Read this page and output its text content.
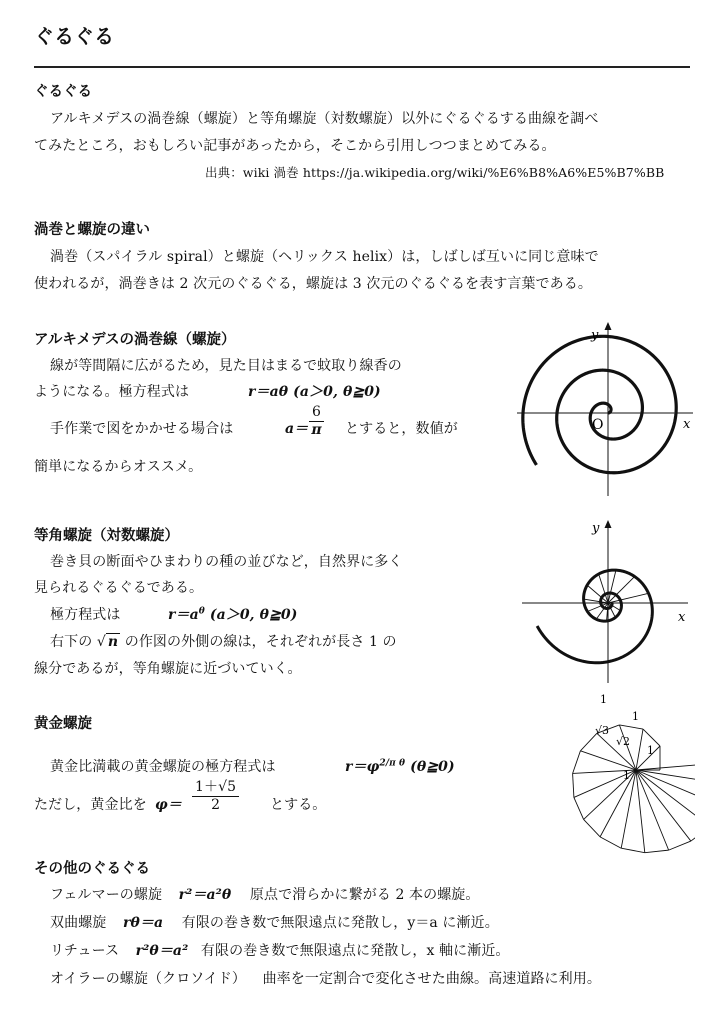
ぐるぐる
ぐるぐる
アルキメデスの渦巻線（螺旋）と等角螺旋（対数螺旋）以外にぐるぐるする曲線を調べ
てみたところ，おもしろい記事があったから，そこから引用しつつまとめてみる。
出典：wiki 渦巻 https://ja.wikipedia.org/wiki/%E6%B8%A6%E5%B7%BB
渦巻と螺旋の違い
渦巻（スパイラル spiral）と螺旋（ヘリックス helix）は，しばしば互いに同じ意味で
使われるが，渦巻きは 2 次元のぐるぐる，螺旋は 3 次元のぐるぐるを表す言葉である。
アルキメデスの渦巻線（螺旋）
線が等間隔に広がるため，見た目はまるで蚊取り線香の
ようになる。極方程式は	r＝aθ (a＞0, θ≧0)
手作業で図をかかせる場合は	$a= \frac{6}{\pi}$ とすると，数値が
簡単になるからオススメ。
y
x
O
等角螺旋（対数螺旋）
巻き貝の断面やひまわりの種の並びなど，自然界に多く
見られるぐるぐるである。
極方程式は	$r=a^\theta$ (a＞0, θ≧0)
右下の √ n の作図の外側の線は，それぞれが長さ 1 の
線分であるが，等角螺旋に近づいていく。
y
x
黄金螺旋
黄金比満載の黄金螺旋の極方程式は	$r=\varphi^{2/\pi \theta}$ (θ≧0)
ただし，黄金比を $\varphi= \frac{1+√5}{2}$ とする。
1
1
1
1
√3
√2
その他のぐるぐる
フェルマーの螺旋 r²＝a²θ 原点で滑らかに繋がる 2 本の螺旋。
双曲螺旋 rθ＝a 有限の巻き数で無限遠点に発散し，y＝a に漸近。
リチュース r²θ＝a² 有限の巻き数で無限遠点に発散し，x 軸に漸近。
オイラーの螺旋（クロソイド） 曲率を一定割合で変化させた曲線。高速道路に利用。
